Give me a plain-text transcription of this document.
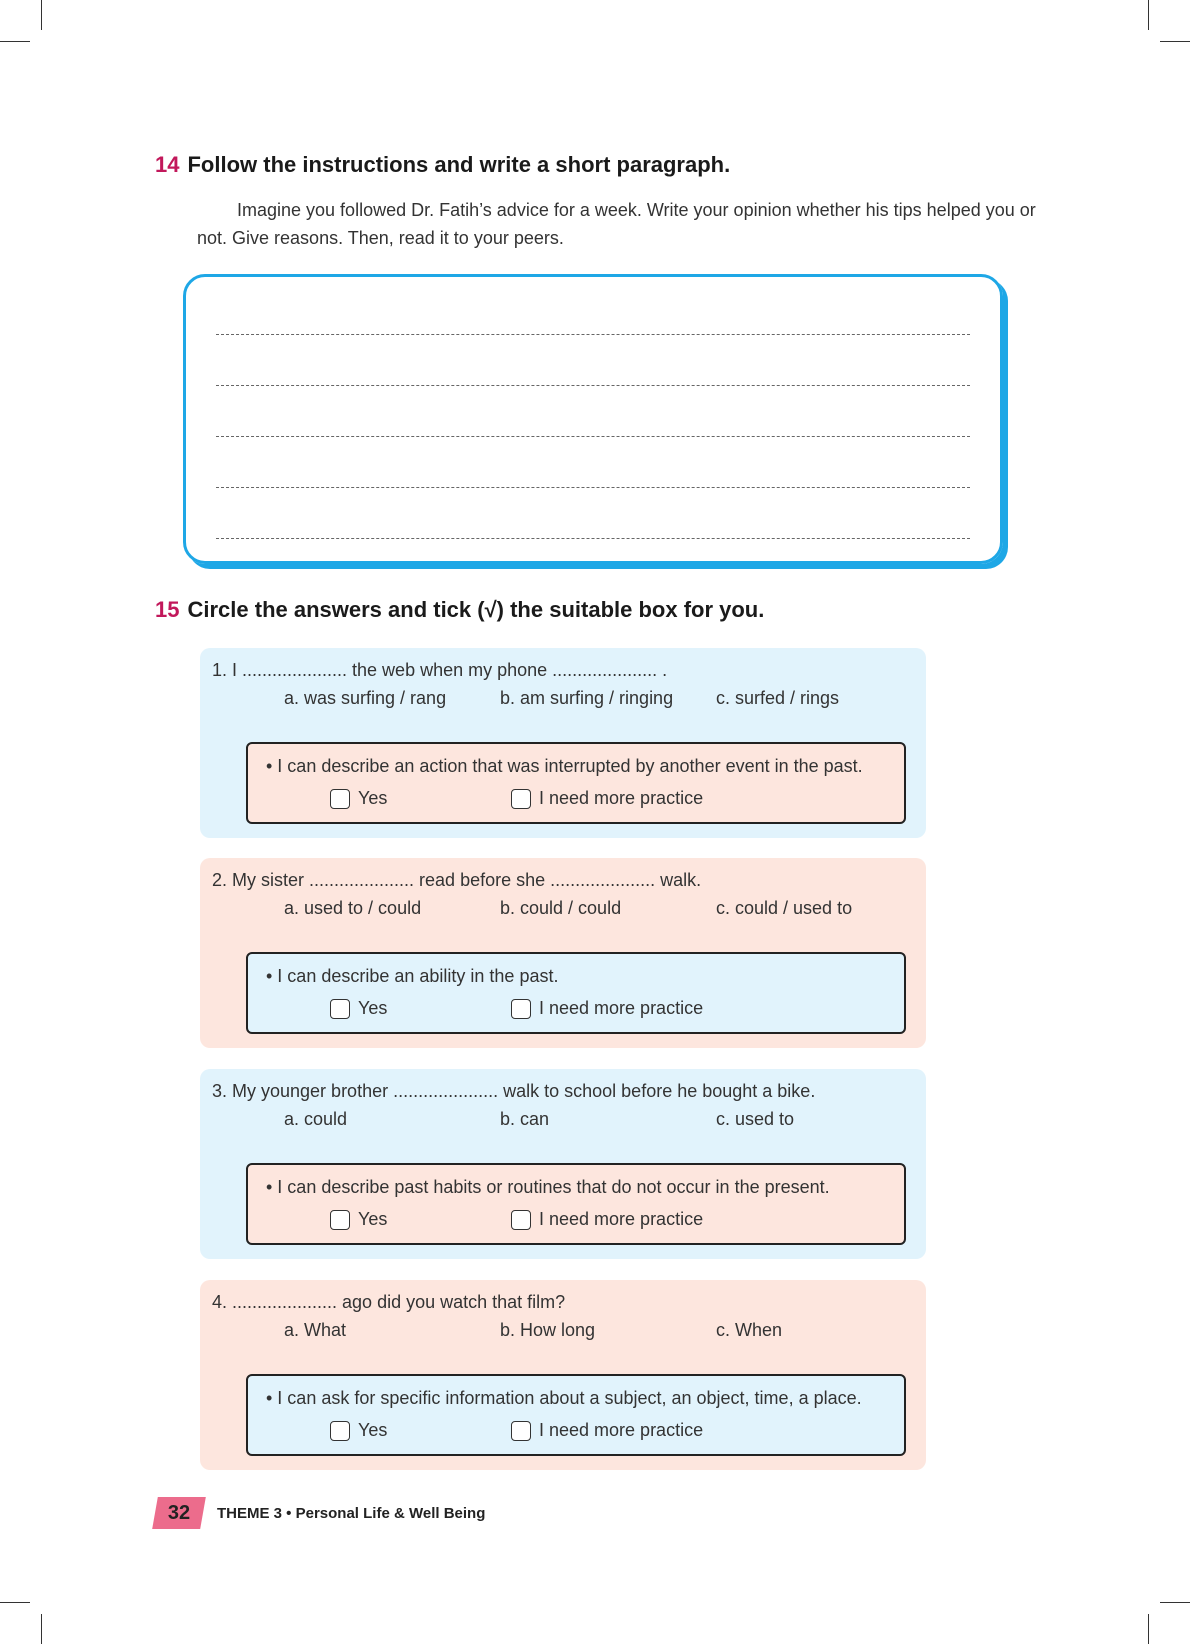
14 Follow the instructions and write a short paragraph.
Imagine you followed Dr. Fatih’s advice for a week. Write your opinion whether his tips helped you or not. Give reasons. Then, read it to your peers.
15 Circle the answers and tick (√) the suitable box for you.
1. I ..................... the web when my phone ..................... .
a. was surfing / rang	b. am surfing / ringing c. surfed / rings
• I can describe an action that was interrupted by another event in the past.
Yes	I need more practice
2. My sister ..................... read before she ..................... walk.
a. used to / could	b. could / could	c. could / used to
• I can describe an ability in the past.
Yes	I need more practice
3. My younger brother ..................... walk to school before he bought a bike.
a. could	b. can	c. used to
• I can describe past habits or routines that do not occur in the present.
Yes	I need more practice
4. ..................... ago did you watch that film?
a. What	b. How long	c. When
• I can ask for specific information about a subject, an object, time, a place.
Yes	I need more practice
32 THEME 3 • Personal Life & Well Being
